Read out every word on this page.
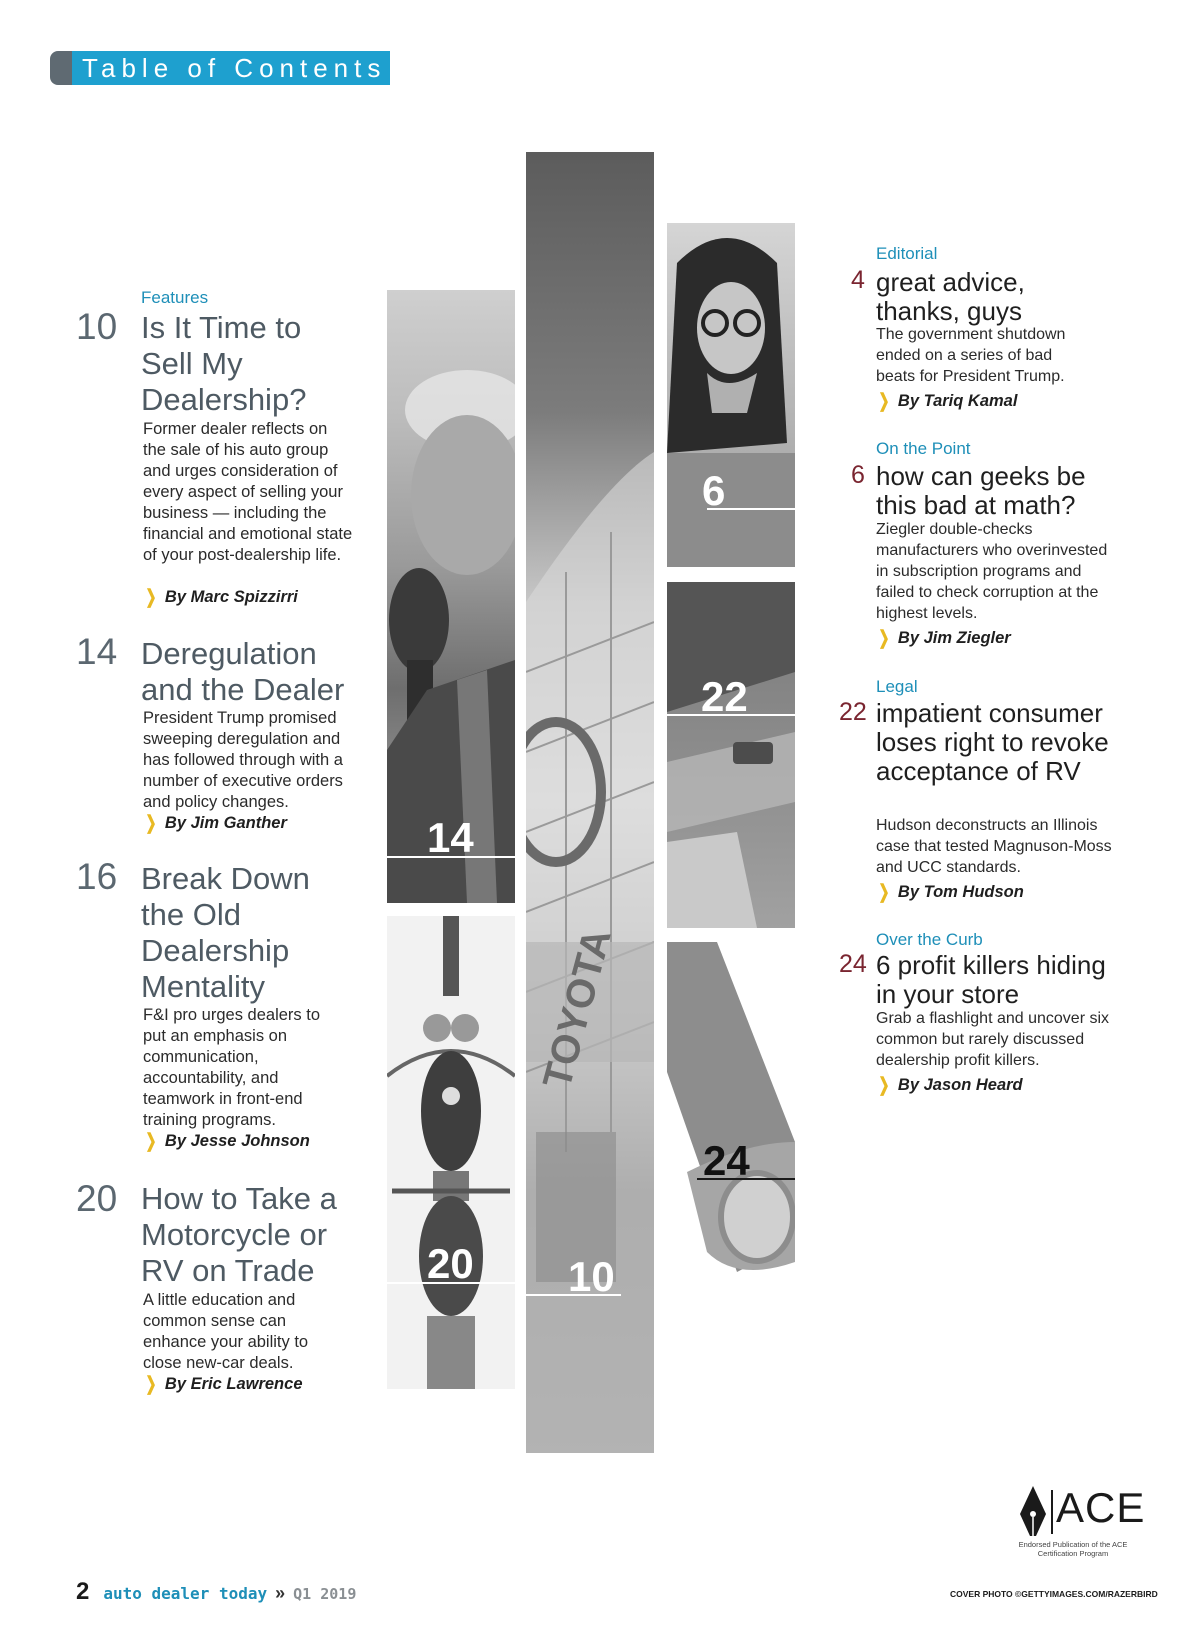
Table of Contents
Features
10 Is It Time to Sell My Dealership?
Former dealer reflects on the sale of his auto group and urges consideration of every aspect of selling your business — including the financial and emotional state of your post-dealership life.
❯ By Marc Spizzirri
14 Deregulation and the Dealer
President Trump promised sweeping deregulation and has followed through with a number of executive orders and policy changes.
❯ By Jim Ganther
16 Break Down the Old Dealership Mentality
F&I pro urges dealers to put an emphasis on communication, accountability, and teamwork in front-end training programs.
❯ By Jesse Johnson
20 How to Take a Motorcycle or RV on Trade
A little education and common sense can enhance your ability to close new-car deals.
❯ By Eric Lawrence
14
20
TOYOTA
10
6
22
24
Editorial
4 great advice, thanks, guys
The government shutdown ended on a series of bad beats for President Trump.
❯ By Tariq Kamal
On the Point
6 how can geeks be this bad at math?
Ziegler double-checks manufacturers who overinvested in subscription programs and failed to check corruption at the highest levels.
❯ By Jim Ziegler
Legal
22 impatient consumer loses right to revoke acceptance of RV
Hudson deconstructs an Illinois case that tested Magnuson-Moss and UCC standards.
❯ By Tom Hudson
Over the Curb
24 6 profit killers hiding in your store
Grab a flashlight and uncover six common but rarely discussed dealership profit killers.
❯ By Jason Heard
ACE
Endorsed Publication of the ACE Certification Program
2 auto dealer today » Q1 2019	COVER PHOTO ©GETTYIMAGES.COM/RAZERBIRD
